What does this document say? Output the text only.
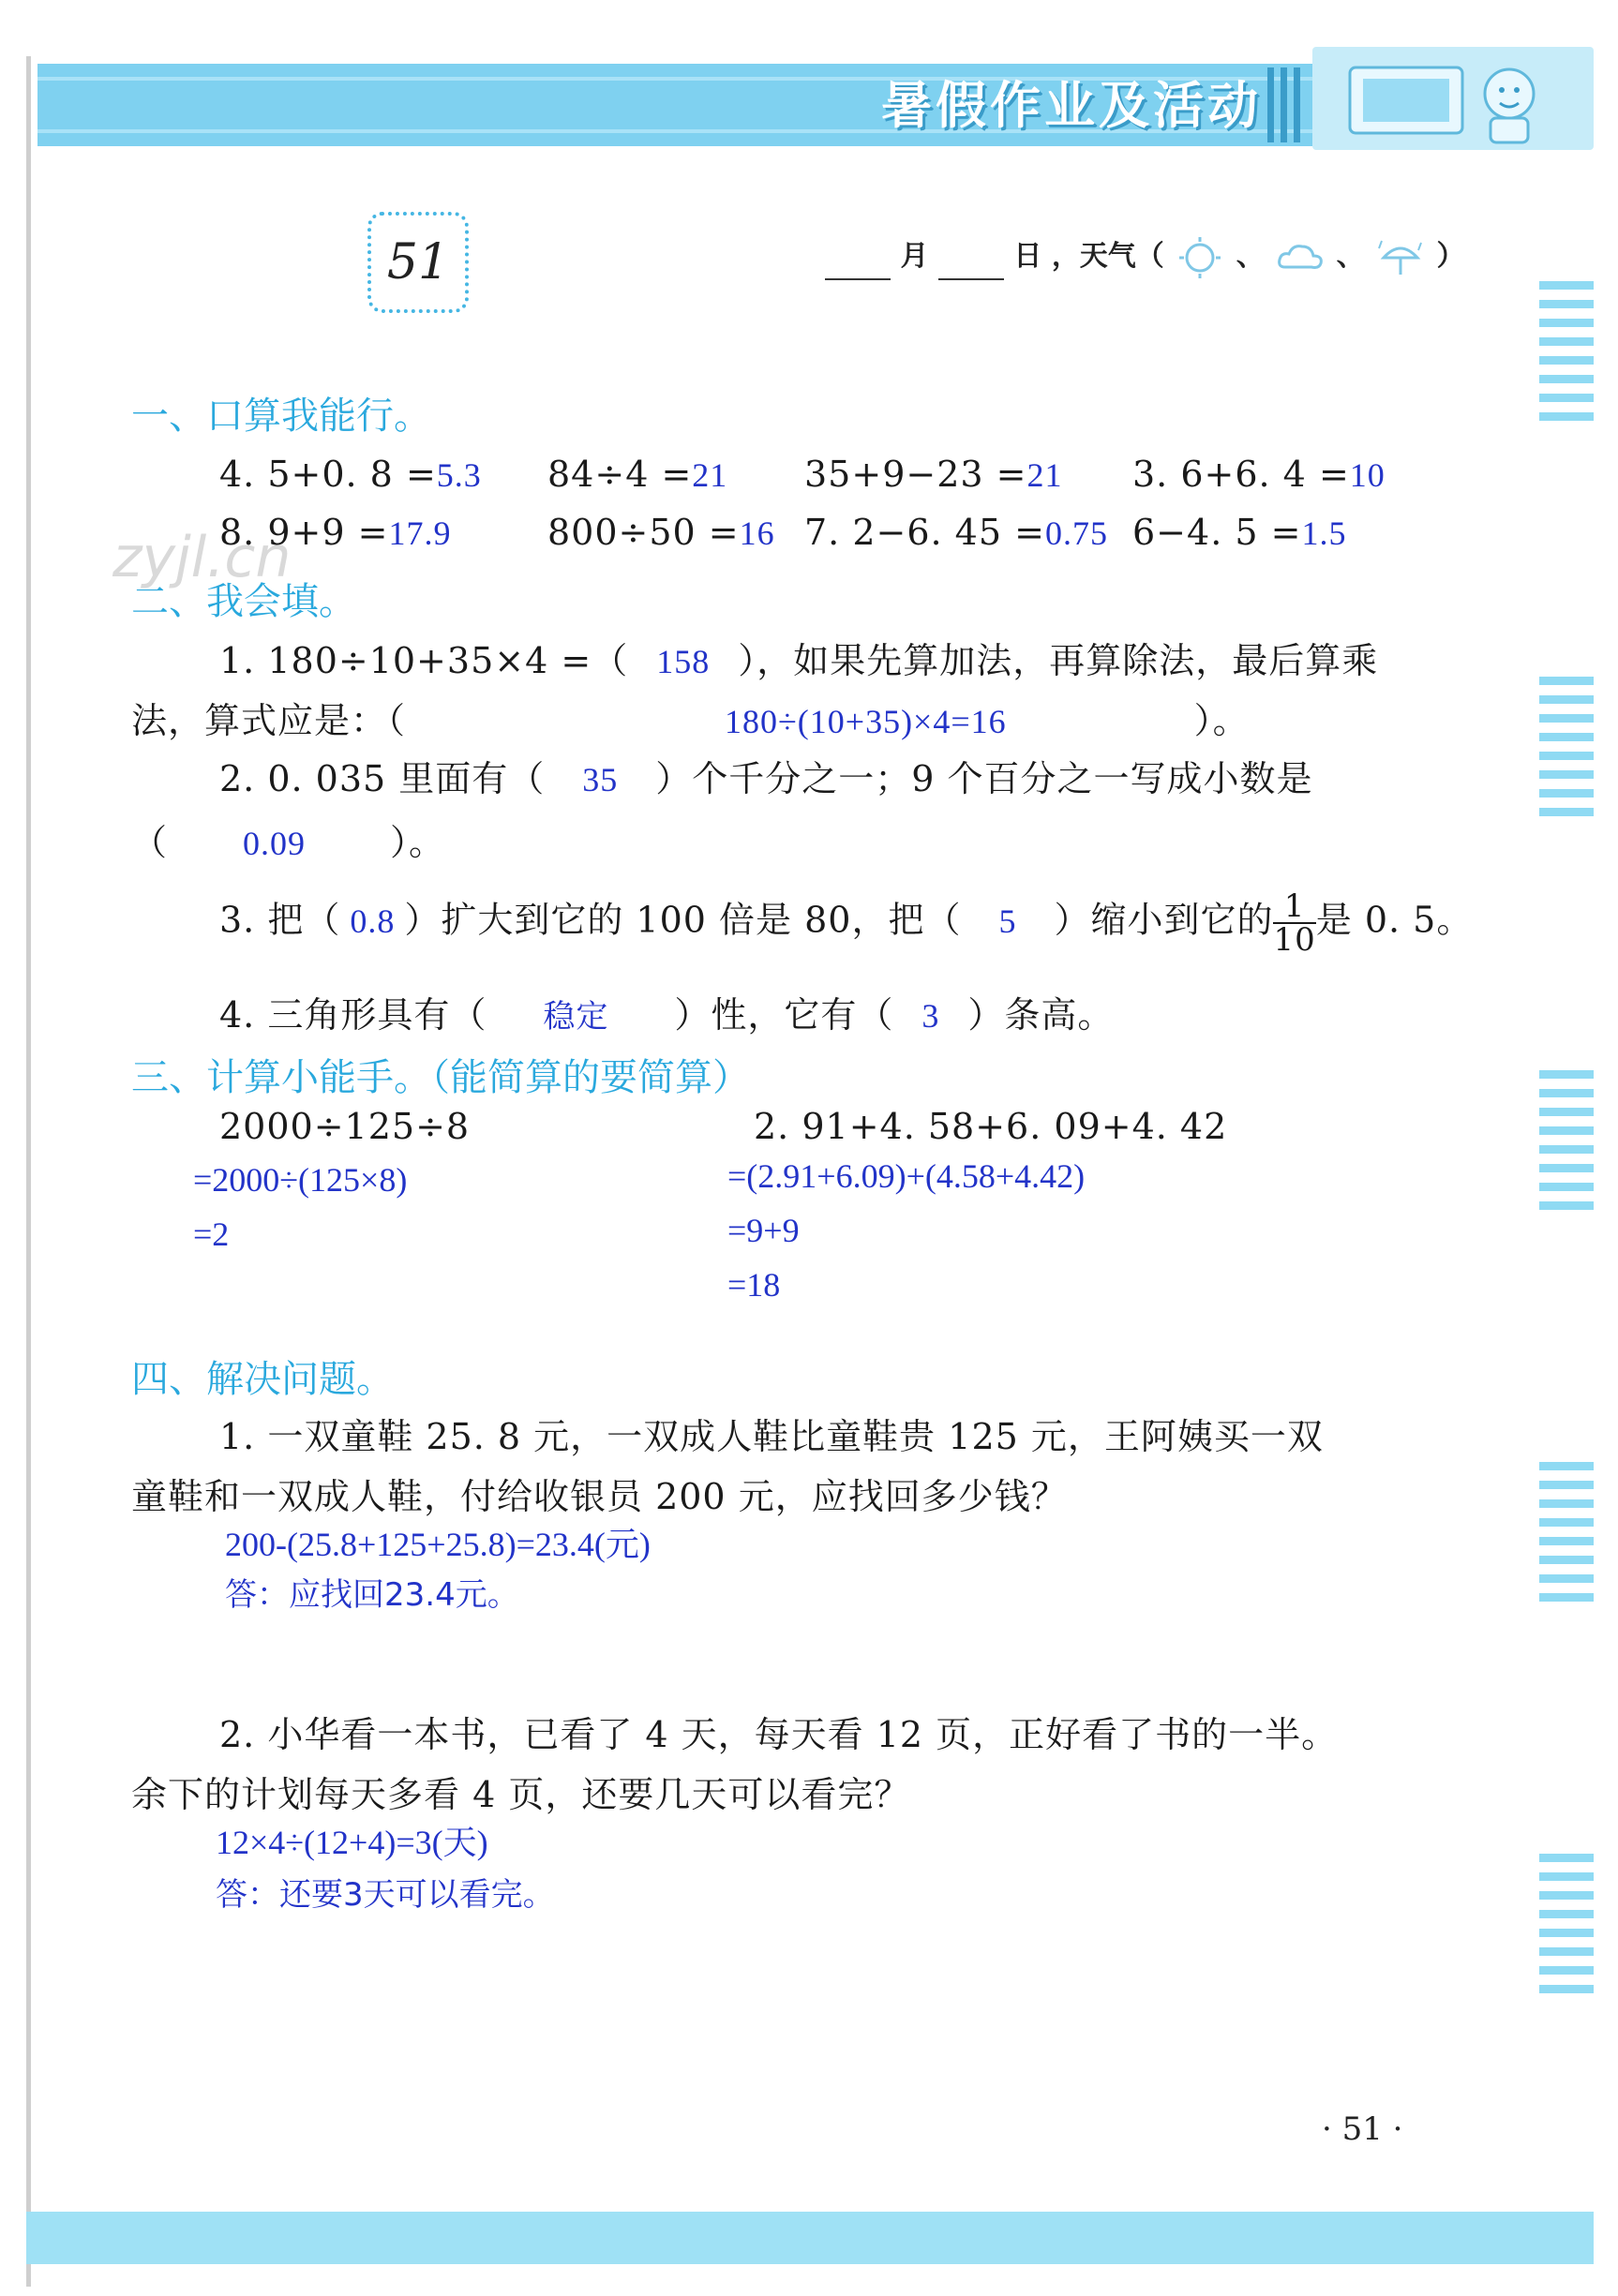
暑假作业及活动
51	月	日 ，天气（	、	、	）
zyjl.cn
一、口算我能行。
4. 5+0. 8 =5.3 84÷4 =21 35+9−23 =21 3. 6+6. 4 =10
8. 9+9 =17.9	800÷50 =16 7. 2−6. 45 =0.75 6−4. 5 =1.5
二、我会填。
1. 180÷10+35×4 =（ 158 ），如果先算加法，再算除法，最后算乘
法，算式应是：（	180÷(10+35)×4=16	）。
2. 0. 035 里面有（ 35 ）个千分之一；9 个百分之一写成小数是
（ 0.09 ）。
3. 把（ 0.8 ）扩大到它的 100 倍是 80，把（ 5 ）缩小到它的 $\frac{1}{10}$ 是 0. 5。
4. 三角形具有（ 稳定 ）性，它有（ 3 ）条高。
三、计算小能手。（能简算的要简算）
2000÷125÷8
=2000÷(125×8)
=2
2. 91+4. 58+6. 09+4. 42
=(2.91+6.09)+(4.58+4.42)
=9+9
=18
四、解决问题。
1. 一双童鞋 25. 8 元，一双成人鞋比童鞋贵 125 元，王阿姨买一双
童鞋和一双成人鞋，付给收银员 200 元，应找回多少钱？
200-(25.8+125+25.8)=23.4(元)
答：应找回23.4元。
2. 小华看一本书，已看了 4 天，每天看 12 页，正好看了书的一半。
余下的计划每天多看 4 页，还要几天可以看完？
12×4÷(12+4)=3(天)
答：还要3天可以看完。
· 51 ·
